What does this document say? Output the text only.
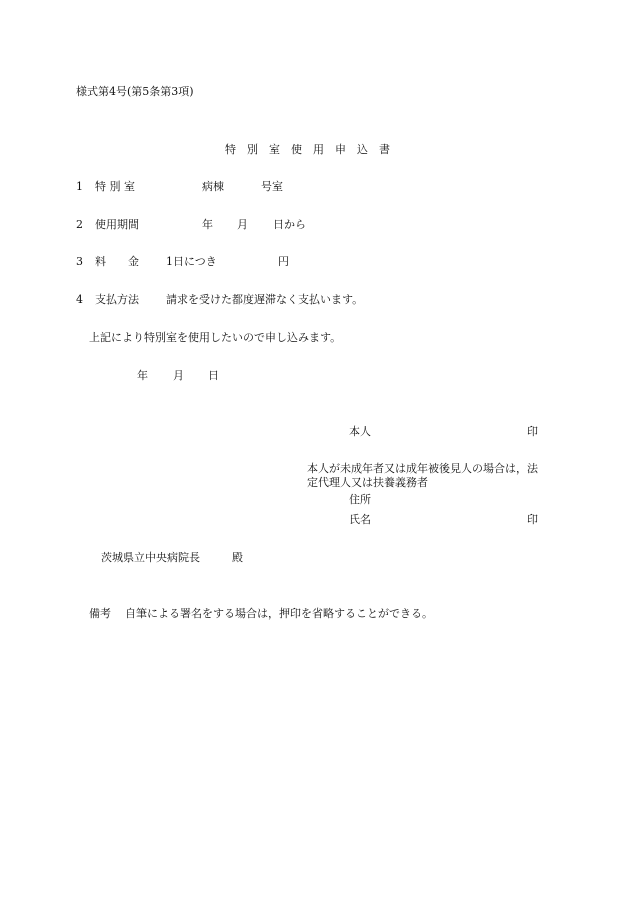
様式第4号(第5条第3項)
特　別　室　使　用　申　込　書
1 特 別 室	病棟	号室
2 使用期間	年 月 日から
3 料　　金 1日につき	円
4 支払方法 請求を受けた都度遅滞なく支払います。
上記により特別室を使用したいので申し込みます。
年 月 日
本人	印
本人が未成年者又は成年被後見人の場合は，法
定代理人又は扶養義務者
住所
氏名	印
茨城県立中央病院長	殿
備考 自筆による署名をする場合は，押印を省略することができる。
